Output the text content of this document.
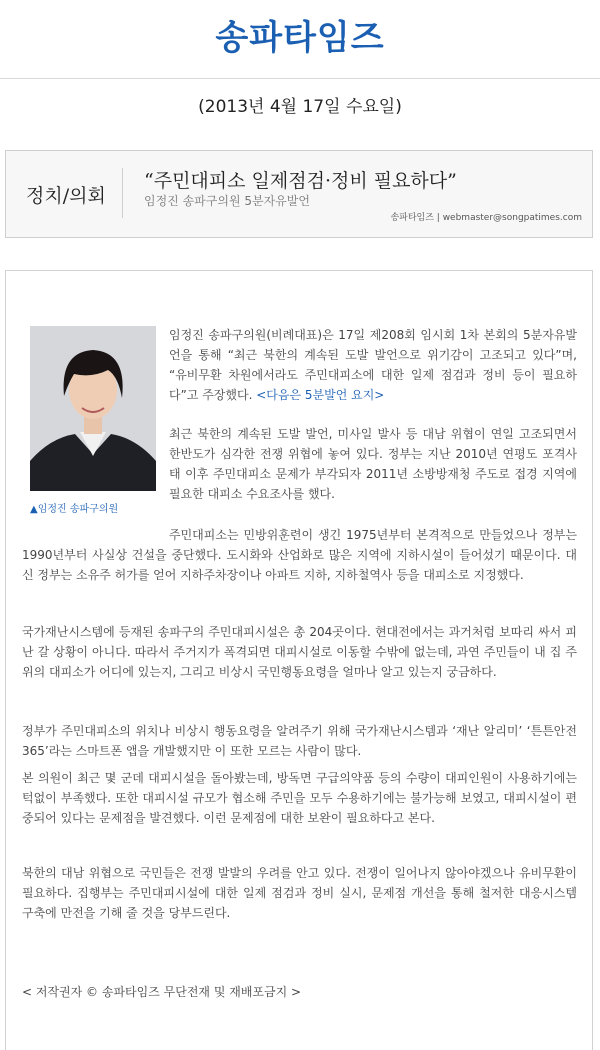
송파타임즈
(2013년 4월 17일 수요일)
정치/의회
“주민대피소 일제점검·정비 필요하다”
임정진 송파구의원 5분자유발언
송파타임즈 | webmaster@songpatimes.com
▲임정진 송파구의원
임정진 송파구의원(비례대표)은 17일 제208회 임시회 1차 본회의 5분자유발언을 통해 “최근 북한의 계속된 도발 발언으로 위기감이 고조되고 있다”며, “유비무환 차원에서라도 주민대피소에 대한 일제 점검과 정비 등이 필요하다”고 주장했다. <다음은 5분발언 요지>
최근 북한의 계속된 도발 발언, 미사일 발사 등 대남 위협이 연일 고조되면서 한반도가 심각한 전쟁 위협에 놓여 있다. 정부는 지난 2010년 연평도 포격사태 이후 주민대피소 문제가 부각되자 2011년 소방방재청 주도로 접경 지역에 필요한 대피소 수요조사를 했다.
주민대피소는 민방위훈련이 생긴 1975년부터 본격적으로 만들었으나 정부는 1990년부터 사실상 건설을 중단했다. 도시화와 산업화로 많은 지역에 지하시설이 들어섰기 때문이다. 대신 정부는 소유주 허가를 얻어 지하주차장이나 아파트 지하, 지하철역사 등을 대피소로 지정했다.
국가재난시스템에 등재된 송파구의 주민대피시설은 총 204곳이다. 현대전에서는 과거처럼 보따리 싸서 피난 갈 상황이 아니다. 따라서 주거지가 폭격되면 대피시설로 이동할 수밖에 없는데, 과연 주민들이 내 집 주위의 대피소가 어디에 있는지, 그리고 비상시 국민행동요령을 얼마나 알고 있는지 궁금하다.
정부가 주민대피소의 위치나 비상시 행동요령을 알려주기 위해 국가재난시스템과 ‘재난 알리미’ ‘튼튼안전 365’라는 스마트폰 앱을 개발했지만 이 또한 모르는 사람이 많다.
본 의원이 최근 몇 군데 대피시설을 돌아봤는데, 방독면 구급의약품 등의 수량이 대피인원이 사용하기에는 턱없이 부족했다. 또한 대피시설 규모가 협소해 주민을 모두 수용하기에는 불가능해 보였고, 대피시설이 편중되어 있다는 문제점을 발견했다. 이런 문제점에 대한 보완이 필요하다고 본다.
북한의 대남 위협으로 국민들은 전쟁 발발의 우려를 안고 있다. 전쟁이 일어나지 않아야겠으나 유비무환이 필요하다. 집행부는 주민대피시설에 대한 일제 점검과 정비 실시, 문제점 개선을 통해 철저한 대응시스템 구축에 만전을 기해 줄 것을 당부드린다.
< 저작권자 © 송파타임즈 무단전재 및 재배포금지 >
